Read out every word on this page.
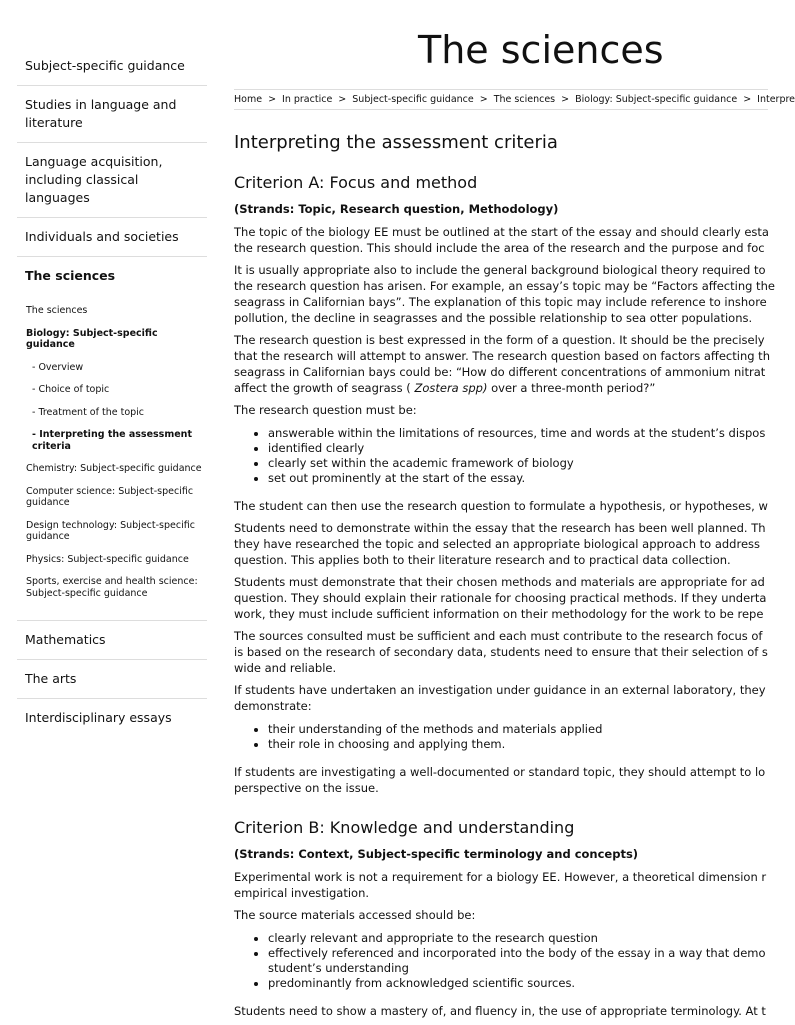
Subject-specific guidance
Studies in language and literature
Language acquisition, including classical languages
Individuals and societies
The sciences
The sciences
Biology: Subject-specific guidance
- Overview
- Choice of topic
- Treatment of the topic
- Interpreting the assessment criteria
Chemistry: Subject-specific guidance
Computer science: Subject-specific guidance
Design technology: Subject-specific guidance
Physics: Subject-specific guidance
Sports, exercise and health science: Subject-specific guidance
Mathematics
The arts
Interdisciplinary essays
The sciences
Home > In practice > Subject-specific guidance > The sciences > Biology: Subject-specific guidance > Interpre
Interpreting the assessment criteria
Criterion A: Focus and method
(Strands: Topic, Research question, Methodology)

The topic of the biology EE must be outlined at the start of the essay and should clearly esta
the research question. This should include the area of the research and the purpose and foc

It is usually appropriate also to include the general background biological theory required to
the research question has arisen. For example, an essay’s topic may be “Factors affecting the
seagrass in Californian bays”. The explanation of this topic may include reference to inshore
pollution, the decline in seagrasses and the possible relationship to sea otter populations.

The research question is best expressed in the form of a question. It should be the precisely
that the research will attempt to answer. The research question based on factors affecting th
seagrass in Californian bays could be: “How do different concentrations of ammonium nitrat
affect the growth of seagrass ( Zostera spp) over a three-month period?”

The research question must be:

• answerable within the limitations of resources, time and words at the student’s dispos
• identified clearly
• clearly set within the academic framework of biology
• set out prominently at the start of the essay.

The student can then use the research question to formulate a hypothesis, or hypotheses, w

Students need to demonstrate within the essay that the research has been well planned. Th
they have researched the topic and selected an appropriate biological approach to address
question. This applies both to their literature research and to practical data collection.

Students must demonstrate that their chosen methods and materials are appropriate for ad
question. They should explain their rationale for choosing practical methods. If they underta
work, they must include sufficient information on their methodology for the work to be repe

The sources consulted must be sufficient and each must contribute to the research focus of
is based on the research of secondary data, students need to ensure that their selection of s
wide and reliable.

If students have undertaken an investigation under guidance in an external laboratory, they
demonstrate:

• their understanding of the methods and materials applied
• their role in choosing and applying them.

If students are investigating a well-documented or standard topic, they should attempt to lo
perspective on the issue.

Criterion B: Knowledge and understanding
(Strands: Context, Subject-specific terminology and concepts)

Experimental work is not a requirement for a biology EE. However, a theoretical dimension r
empirical investigation.

The source materials accessed should be:

• clearly relevant and appropriate to the research question
• effectively referenced and incorporated into the body of the essay in a way that demo
student’s understanding
• predominantly from acknowledged scientific sources.

Students need to show a mastery of, and fluency in, the use of appropriate terminology. At t
